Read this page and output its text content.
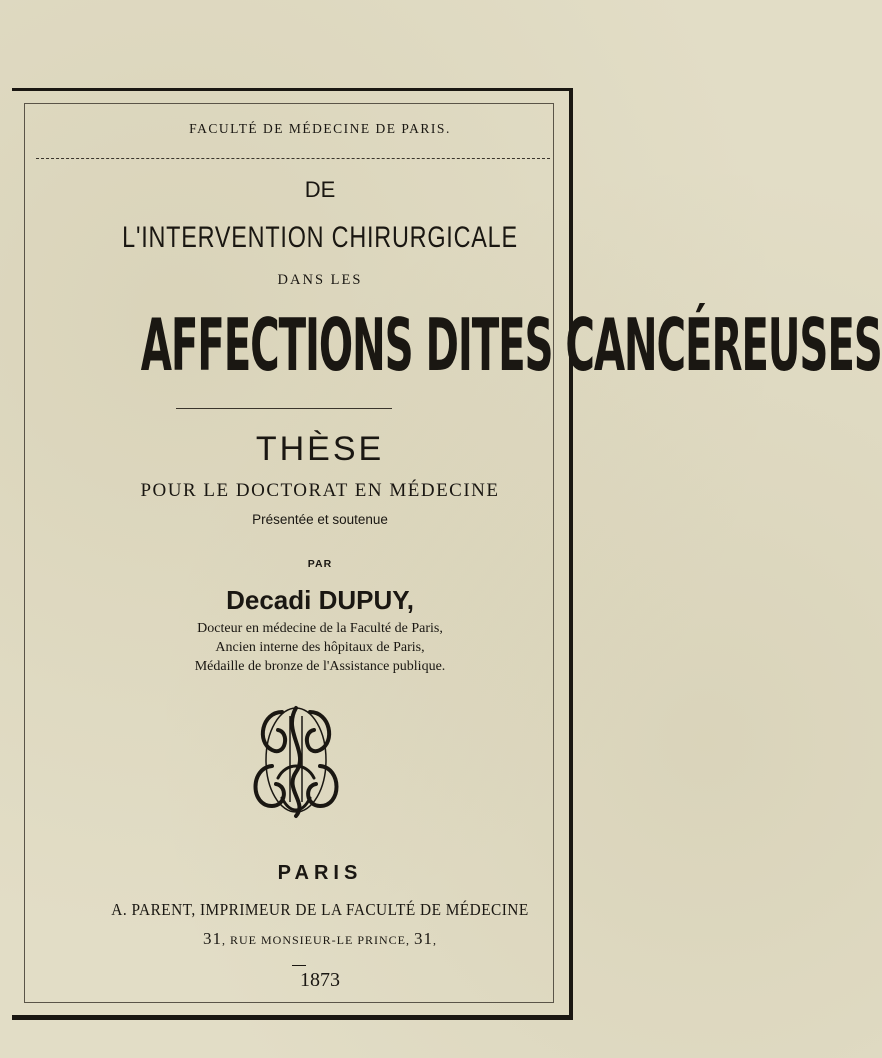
FACULTÉ DE MÉDECINE DE PARIS.
DE
L'INTERVENTION CHIRURGICALE
DANS LES
AFFECTIONS DITES CANCÉREUSES
THÈSE
POUR LE DOCTORAT EN MÉDECINE
Présentée et soutenue
PAR
Decadi DUPUY,
Docteur en médecine de la Faculté de Paris,
Ancien interne des hôpitaux de Paris,
Médaille de bronze de l'Assistance publique.
PARIS
A. PARENT, IMPRIMEUR DE LA FACULTÉ DE MÉDECINE
31, RUE MONSIEUR-LE PRINCE, 31,
1873
